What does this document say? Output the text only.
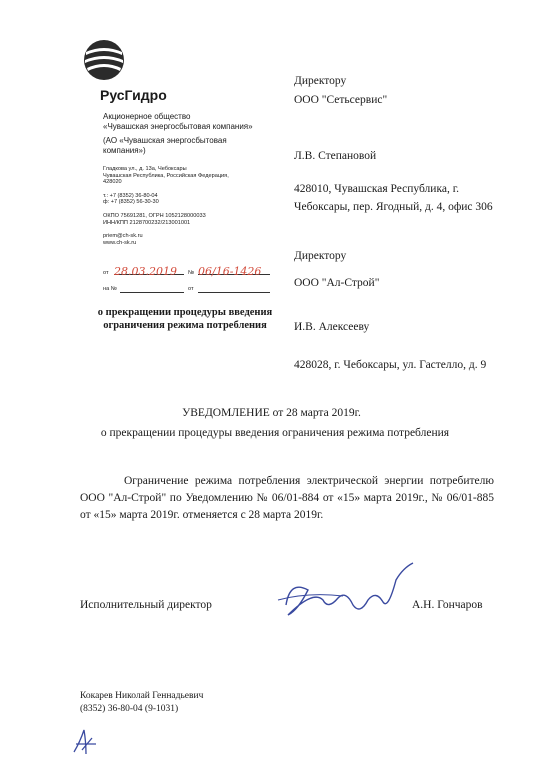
РусГидро
Акционерное общество
«Чувашская энергосбытовая компания»
(АО «Чувашская энергосбытовая
компания»)
Гладкова ул., д. 13а, Чебоксары
Чувашская Республика, Российская Федерация,
428020
т.: +7 (8352) 36-80-04
ф: +7 (8352) 56-30-30
ОКПО 75691281, ОГРН 1052128000033
ИНН/КПП 2128700232/213001001
priem@ch-sk.ru
www.ch-sk.ru
от 28.03.2019	№ 06/16-1426
на №	от
о прекращении процедуры введения
ограничения режима потребления
Директору
ООО "Сетьсервис"
Л.В. Степановой
428010, Чувашская Республика, г. Чебоксары, пер. Ягодный, д. 4, офис 306
Директору
ООО "Ал-Строй"
И.В. Алексееву
428028, г. Чебоксары, ул. Гастелло, д. 9
УВЕДОМЛЕНИЕ от 28 марта 2019г.
о прекращении процедуры введения ограничения режима потребления
Ограничение режима потребления электрической энергии потребителю ООО "Ал-Строй" по Уведомлению № 06/01-884 от «15» марта 2019г., № 06/01-885 от «15» марта 2019г. отменяется с 28 марта 2019г.
Исполнительный директор	А.Н. Гончаров
Кокарев Николай Геннадьевич
(8352) 36-80-04 (9-1031)
